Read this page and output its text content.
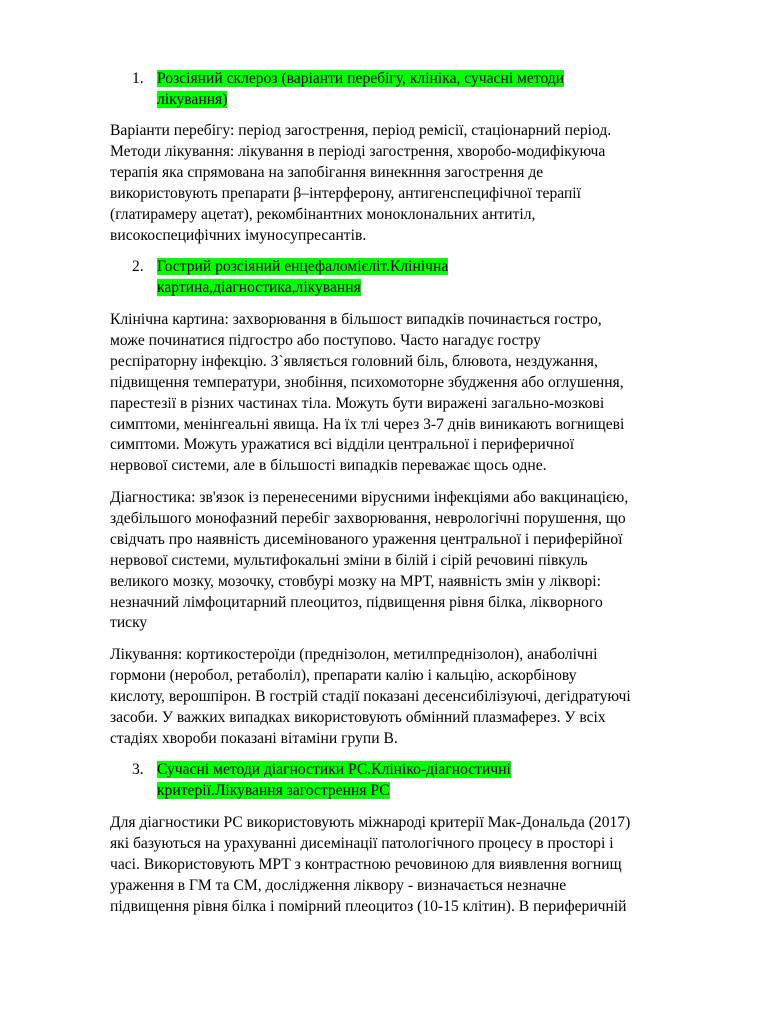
1. Розсіяний склероз (варіанти перебігу, клініка, сучасні методи
лікування)
Варіанти перебігу: період загострення, період ремісії, стаціонарний період.
Методи лікування: лікування в періоді загострення, хворобо-модифікуюча
терапія яка спрямована на запобігання винекнння загострення де
використовують препарати β–інтерферону, антигенспецифічної терапії
(глатирамеру ацетат), рекомбінантних моноклональних антитіл,
високоспецифічних імуносупресантів.
2. Гострий розсіяний енцефаломієліт.Клінічна
картина,діагностика,лікування
Клінічна картина: захворювання в більшост випадків починається гостро,
може починатися підгостро або поступово. Часто нагадує гостру
респіраторну інфекцію. З`являється головний біль, блювота, нездужання,
підвищення температури, знобіння, психомоторне збудження або оглушення,
парестезії в різних частинах тіла. Можуть бути виражені загально-мозкові
симптоми, менінгеальні явища. На їх тлі через 3-7 днів виникають вогнищеві
симптоми. Можуть уражатися всі відділи центральної і периферичної
нервової системи, але в більшості випадків переважає щось одне.
Діагностика: зв'язок із перенесеними вірусними інфекціями або вакцинацією,
здебільшого монофазний перебіг захворювання, неврологічні порушення, що
свідчать про наявність дисемінованого ураження центральної і периферійної
нервової системи, мультифокальні зміни в білій і сірій речовині півкуль
великого мозку, мозочку, стовбурі мозку на МРТ, наявність змін у ліквoрі:
незначний лімфоцитарний плеоцитоз, підвищення рівня білка, ліквoрного
тиску
Лікування: кортикостероїди (преднізолон, метилпреднізолон), анаболічні
гормони (неробол, ретаболіл), препарати калію і кальцію, аскорбінову
кислоту, верошпірон. В гострій стадії показані десенсибілізуючі, дегідратуючі
засоби. У важких випадках використовують обмінний плазмаферез. У всіх
стадіях хвороби показані вітаміни групи В.
3. Сучасні методи діагностики РС.Клініко-діагностичні
критерії.Лікування загострення РС
Для діагностики РС використовують міжнароді критерії Мак-Дональда (2017)
які базуються на урахуванні дисемінації патологічного процесу в просторі і
часі. Використовують МРТ з контрастною речовиною для виявлення вогнищ
ураження в ГМ та СМ, дослідження ліквору - визначається незначне
підвищення рівня білка і помірний плеоцитоз (10-15 клітин). В периферичній
